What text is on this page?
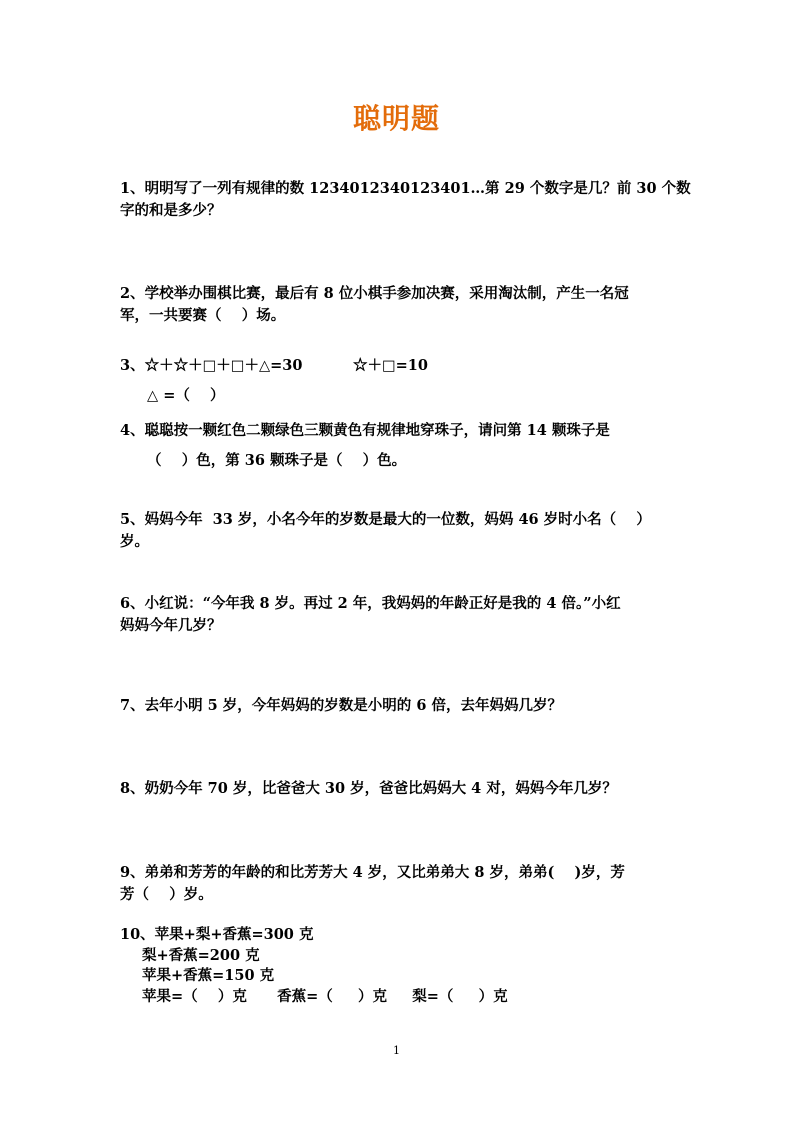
聪明题
1、明明写了一列有规律的数 1234012340123401…第 29 个数字是几？前 30 个数
字的和是多少？
2、学校举办围棋比赛，最后有 8 位小棋手参加决赛，采用淘汰制，产生一名冠
军，一共要赛（    ）场。
3、☆＋☆＋□＋□＋△=30          ☆＋□=10
△ =（    ）
4、聪聪按一颗红色二颗绿色三颗黄色有规律地穿珠子，请问第 14 颗珠子是
（    ）色，第 36 颗珠子是（    ）色。
5、妈妈今年  33 岁，小名今年的岁数是最大的一位数，妈妈 46 岁时小名（    ）
岁。
6、小红说：“今年我 8 岁。再过 2 年，我妈妈的年龄正好是我的 4 倍。”小红
妈妈今年几岁？
7、去年小明 5 岁，今年妈妈的岁数是小明的 6 倍，去年妈妈几岁？
8、奶奶今年 70 岁，比爸爸大 30 岁，爸爸比妈妈大 4 对，妈妈今年几岁？
9、弟弟和芳芳的年龄的和比芳芳大 4 岁，又比弟弟大 8 岁，弟弟(    )岁，芳
芳（    ）岁。
10、苹果+梨+香蕉=300 克
梨+香蕉=200 克
苹果+香蕉=150 克
苹果=（    ）克      香蕉=（     ）克     梨=（     ）克
1
